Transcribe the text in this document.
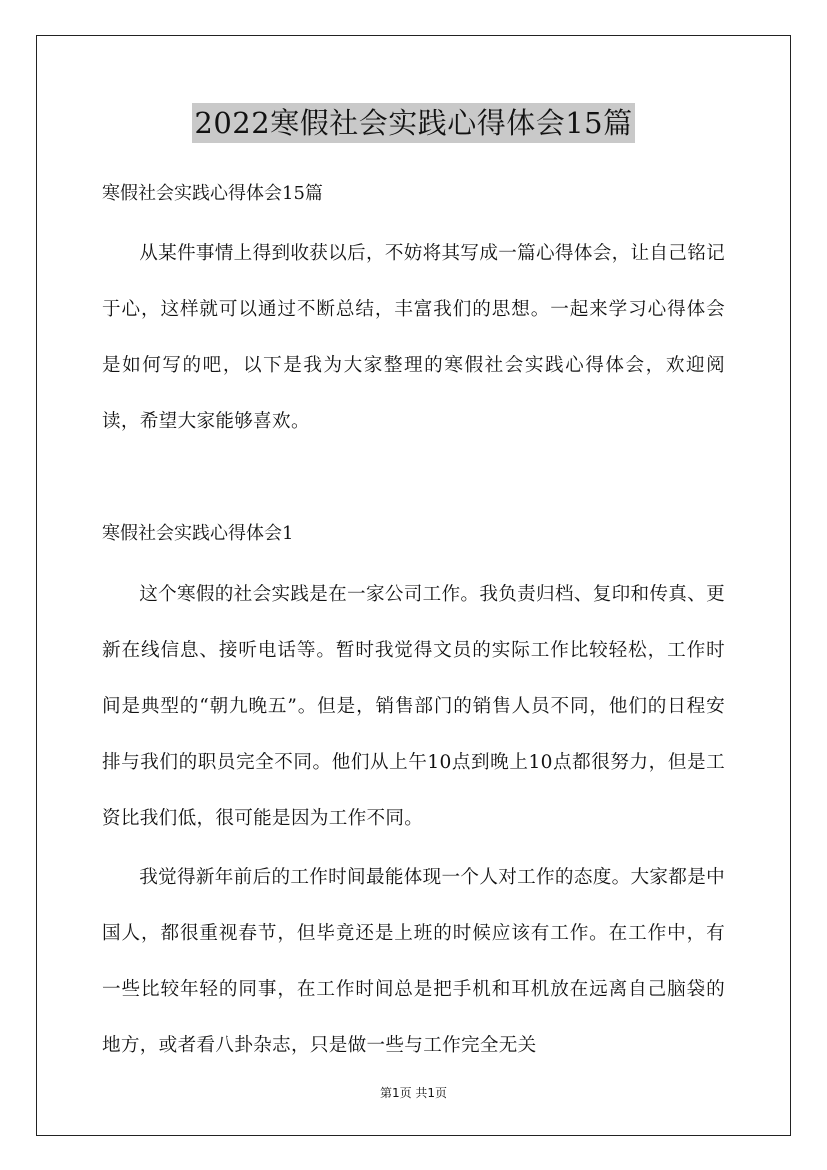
2022寒假社会实践心得体会15篇

寒假社会实践心得体会15篇

从某件事情上得到收获以后，不妨将其写成一篇心得体会，让自己铭记于心，这样就可以通过不断总结，丰富我们的思想。一起来学习心得体会是如何写的吧，以下是我为大家整理的寒假社会实践心得体会，欢迎阅读，希望大家能够喜欢。

寒假社会实践心得体会1

这个寒假的社会实践是在一家公司工作。我负责归档、复印和传真、更新在线信息、接听电话等。暂时我觉得文员的实际工作比较轻松，工作时间是典型的“朝九晚五”。但是，销售部门的销售人员不同，他们的日程安排与我们的职员完全不同。他们从上午10点到晚上10点都很努力，但是工资比我们低，很可能是因为工作不同。

我觉得新年前后的工作时间最能体现一个人对工作的态度。大家都是中国人，都很重视春节，但毕竟还是上班的时候应该有工作。在工作中，有一些比较年轻的同事，在工作时间总是把手机和耳机放在远离自己脑袋的地方，或者看八卦杂志，只是做一些与工作完全无关

第1页 共1页
